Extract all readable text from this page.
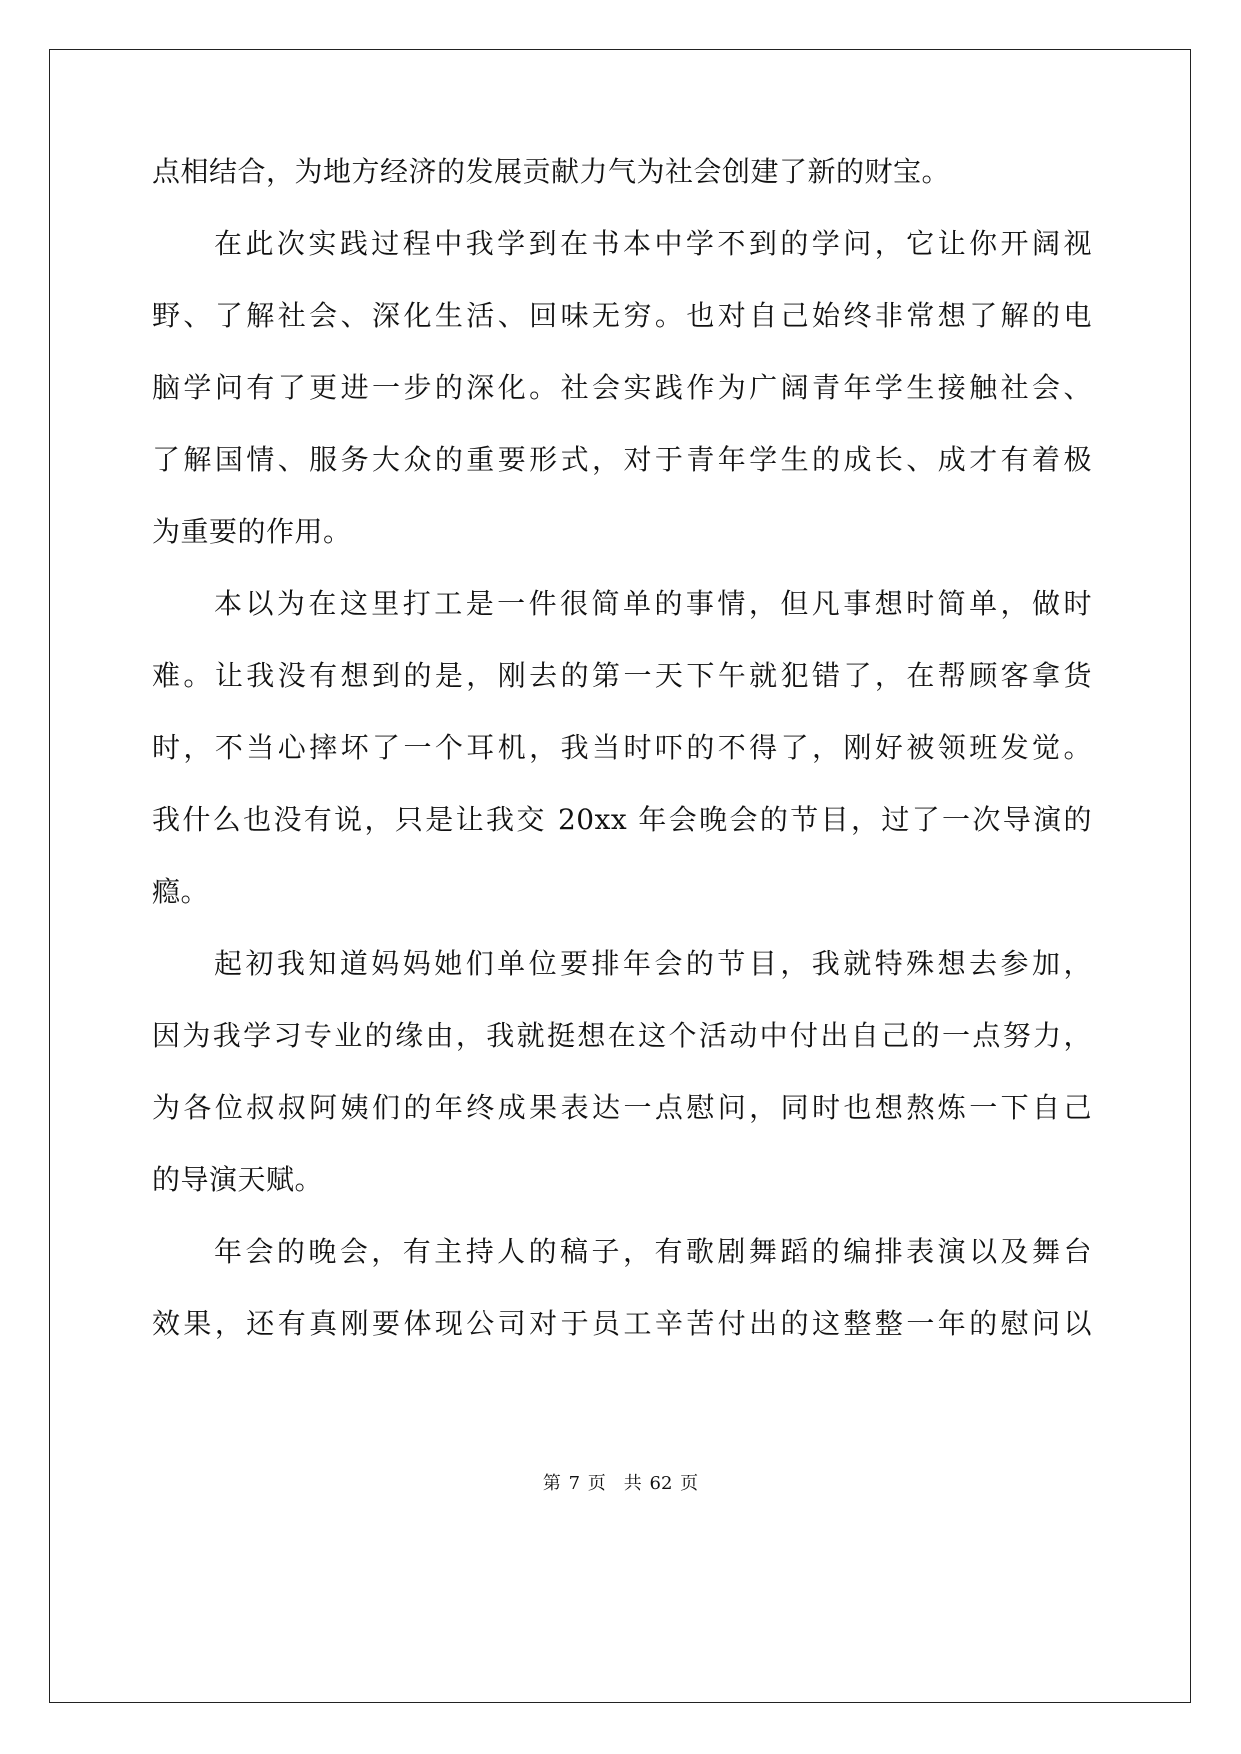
点相结合，为地方经济的发展贡献力气为社会创建了新的财宝。
在此次实践过程中我学到在书本中学不到的学问，它让你开阔视
野、了解社会、深化生活、回味无穷。也对自己始终非常想了解的电
脑学问有了更进一步的深化。社会实践作为广阔青年学生接触社会、
了解国情、服务大众的重要形式，对于青年学生的成长、成才有着极
为重要的作用。
本以为在这里打工是一件很简单的事情，但凡事想时简单，做时
难。让我没有想到的是，刚去的第一天下午就犯错了，在帮顾客拿货
时，不当心摔坏了一个耳机，我当时吓的不得了，刚好被领班发觉。
我什么也没有说，只是让我交 20xx 年会晚会的节目，过了一次导演的
瘾。
起初我知道妈妈她们单位要排年会的节目，我就特殊想去参加，
因为我学习专业的缘由，我就挺想在这个活动中付出自己的一点努力，
为各位叔叔阿姨们的年终成果表达一点慰问，同时也想熬炼一下自己
的导演天赋。
年会的晚会，有主持人的稿子，有歌剧舞蹈的编排表演以及舞台
效果，还有真刚要体现公司对于员工辛苦付出的这整整一年的慰问以
第 7 页 共 62 页
